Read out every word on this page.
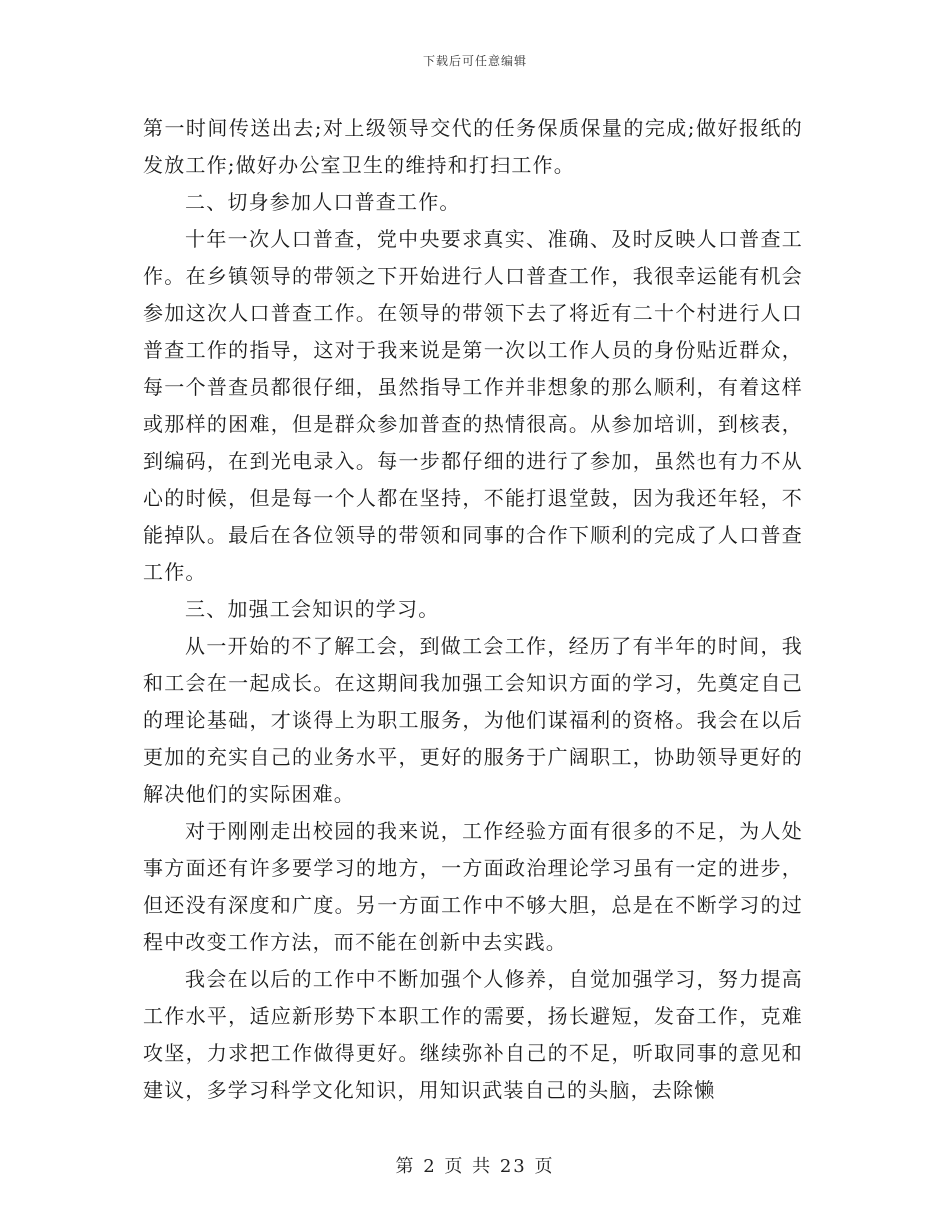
下载后可任意编辑

第一时间传送出去;对上级领导交代的任务保质保量的完成;做好报纸的发放工作;做好办公室卫生的维持和打扫工作。

二、切身参加人口普查工作。

十年一次人口普查，党中央要求真实、准确、及时反映人口普查工作。在乡镇领导的带领之下开始进行人口普查工作，我很幸运能有机会参加这次人口普查工作。在领导的带领下去了将近有二十个村进行人口普查工作的指导，这对于我来说是第一次以工作人员的身份贴近群众，每一个普查员都很仔细，虽然指导工作并非想象的那么顺利，有着这样或那样的困难，但是群众参加普查的热情很高。从参加培训，到核表，到编码，在到光电录入。每一步都仔细的进行了参加，虽然也有力不从心的时候，但是每一个人都在坚持，不能打退堂鼓，因为我还年轻，不能掉队。最后在各位领导的带领和同事的合作下顺利的完成了人口普查工作。

三、加强工会知识的学习。

从一开始的不了解工会，到做工会工作，经历了有半年的时间，我和工会在一起成长。在这期间我加强工会知识方面的学习，先奠定自己的理论基础，才谈得上为职工服务，为他们谋福利的资格。我会在以后更加的充实自己的业务水平，更好的服务于广阔职工，协助领导更好的解决他们的实际困难。

对于刚刚走出校园的我来说，工作经验方面有很多的不足，为人处事方面还有许多要学习的地方，一方面政治理论学习虽有一定的进步，但还没有深度和广度。另一方面工作中不够大胆，总是在不断学习的过程中改变工作方法，而不能在创新中去实践。

我会在以后的工作中不断加强个人修养，自觉加强学习，努力提高工作水平，适应新形势下本职工作的需要，扬长避短，发奋工作，克难攻坚，力求把工作做得更好。继续弥补自己的不足，听取同事的意见和建议，多学习科学文化知识，用知识武装自己的头脑，去除懒

第 2 页 共 23 页
